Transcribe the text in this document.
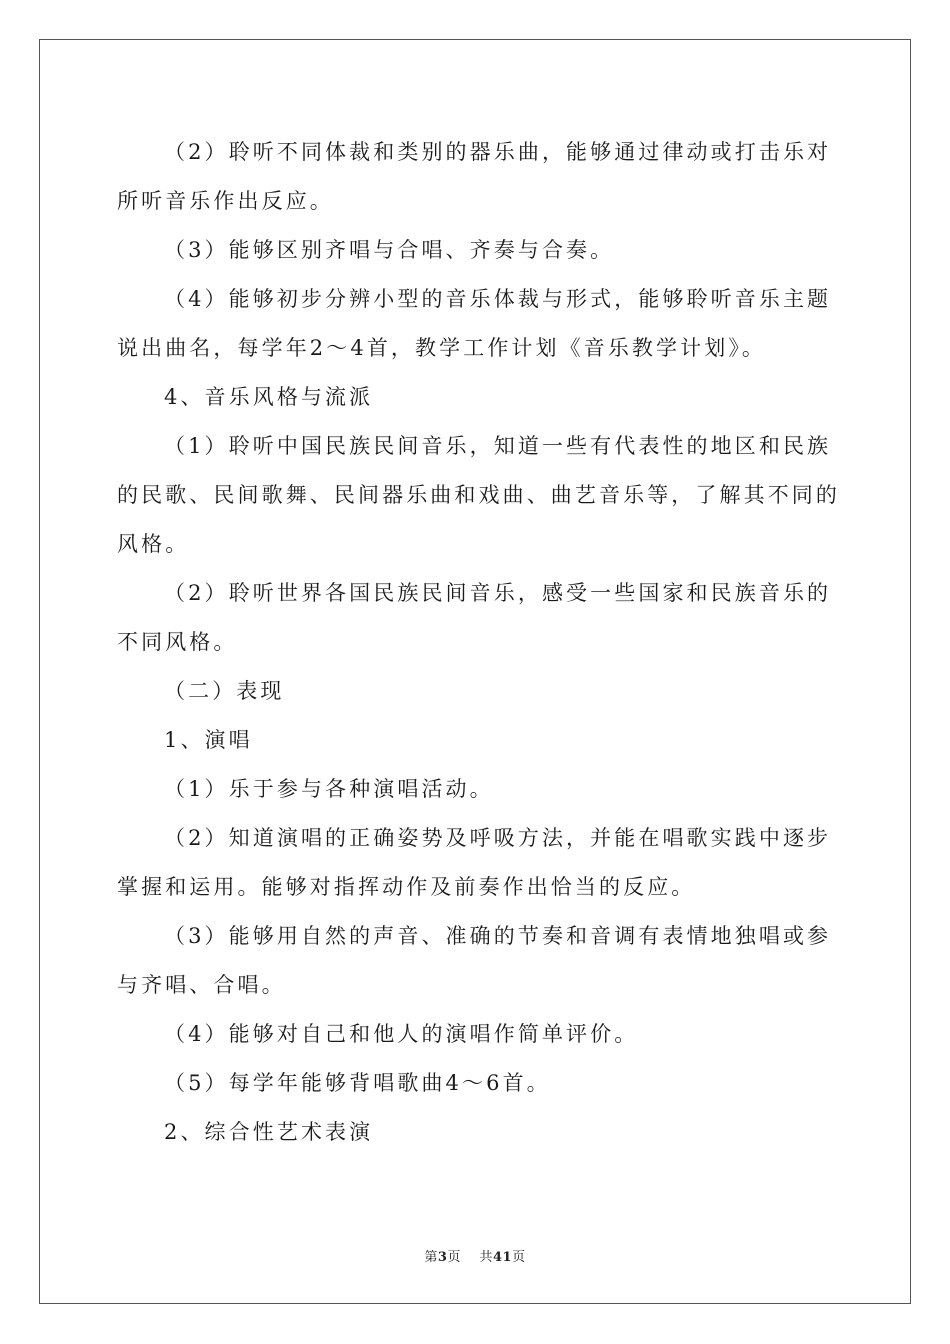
（2）聆听不同体裁和类别的器乐曲，能够通过律动或打击乐对
所听音乐作出反应。
（3）能够区别齐唱与合唱、齐奏与合奏。
（4）能够初步分辨小型的音乐体裁与形式，能够聆听音乐主题
说出曲名，每学年2～4首，教学工作计划《音乐教学计划》。
4、音乐风格与流派
（1）聆听中国民族民间音乐，知道一些有代表性的地区和民族
的民歌、民间歌舞、民间器乐曲和戏曲、曲艺音乐等，了解其不同的
风格。
（2）聆听世界各国民族民间音乐，感受一些国家和民族音乐的
不同风格。
（二）表现
1、演唱
（1）乐于参与各种演唱活动。
（2）知道演唱的正确姿势及呼吸方法，并能在唱歌实践中逐步
掌握和运用。能够对指挥动作及前奏作出恰当的反应。
（3）能够用自然的声音、准确的节奏和音调有表情地独唱或参
与齐唱、合唱。
（4）能够对自己和他人的演唱作简单评价。
（5）每学年能够背唱歌曲4～6首。
2、综合性艺术表演
第3页 共41页
